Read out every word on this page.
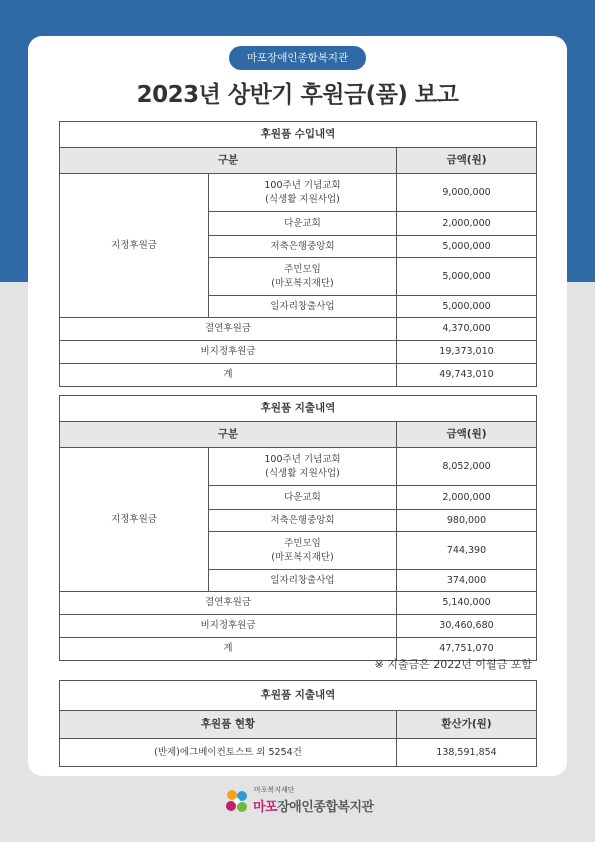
마포장애인종합복지관
2023년 상반기 후원금(품) 보고
후원품 수입내역		
구분		금액(원)
지정후원금	100주년 기념교회
(식생활 지원사업)	9,000,000
	다운교회	2,000,000
	저축은행중앙회	5,000,000
	주민모임
(마포복지재단)	5,000,000
	일자리창출사업	5,000,000
결연후원금		4,370,000
비지정후원금		19,373,010
계		49,743,010
후원품 지출내역		
구분		금액(원)
지정후원금	100주년 기념교회
(식생활 지원사업)	8,052,000
	다운교회	2,000,000
	저축은행중앙회	980,000
	주민모임
(마포복지재단)	744,390
	일자리창출사업	374,000
결연후원금		5,140,000
비지정후원금		30,460,680
계		47,751,070
※ 지출금은 2022년 이월금 포함
후원품 지출내역	
후원품 현황	환산가(원)
(반제)에그베이컨토스트 외 5254건	138,591,854
마포복지재단
마포장애인종합복지관
